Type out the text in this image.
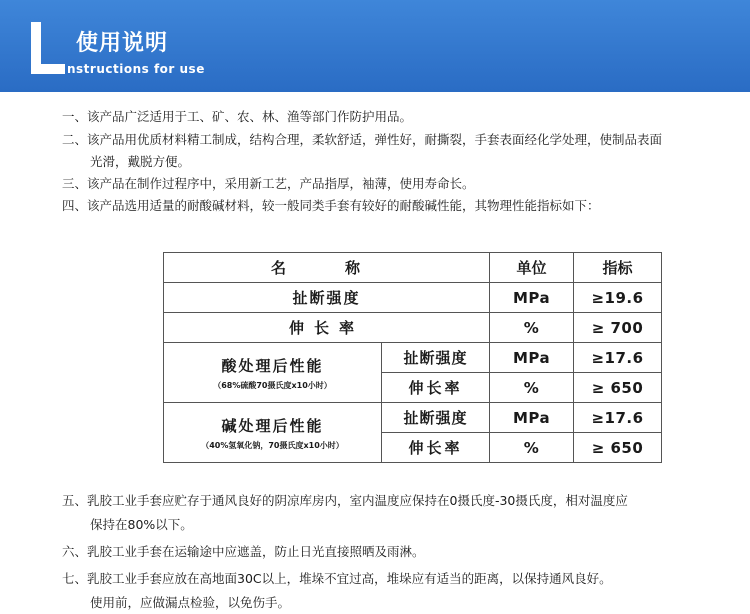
使用说明
nstructions for use
一、该产品广泛适用于工、矿、农、林、渔等部门作防护用品。
二、该产品用优质材料精工制成，结构合理，柔软舒适，弹性好，耐撕裂，手套表面经化学处理，使制品表面
光滑，戴脱方便。
三、该产品在制作过程序中，采用新工艺，产品指厚，袖薄，使用寿命长。
四、该产品选用适量的耐酸碱材料，较一般同类手套有较好的耐酸碱性能，其物理性能指标如下：
名　称		单位	指标
扯断强度		MPa	≥19.6
伸长率		%	≥ 700

酸处理后性能
（68%硫酸70摄氏度x10小时）	扯断强度	MPa	≥17.6
	伸长率	%	≥ 650

碱处理后性能
（40%氢氧化钠，70摄氏度x10小时）	扯断强度	MPa	≥17.6
	伸长率	%	≥ 650
五、乳胶工业手套应贮存于通风良好的阴凉库房内，室内温度应保持在0摄氏度-30摄氏度，相对温度应
保持在80%以下。
六、乳胶工业手套在运输途中应遮盖，防止日光直接照晒及雨淋。
七、乳胶工业手套应放在高地面30C以上，堆垛不宜过高，堆垛应有适当的距离，以保持通风良好。
使用前，应做漏点检验，以免伤手。
